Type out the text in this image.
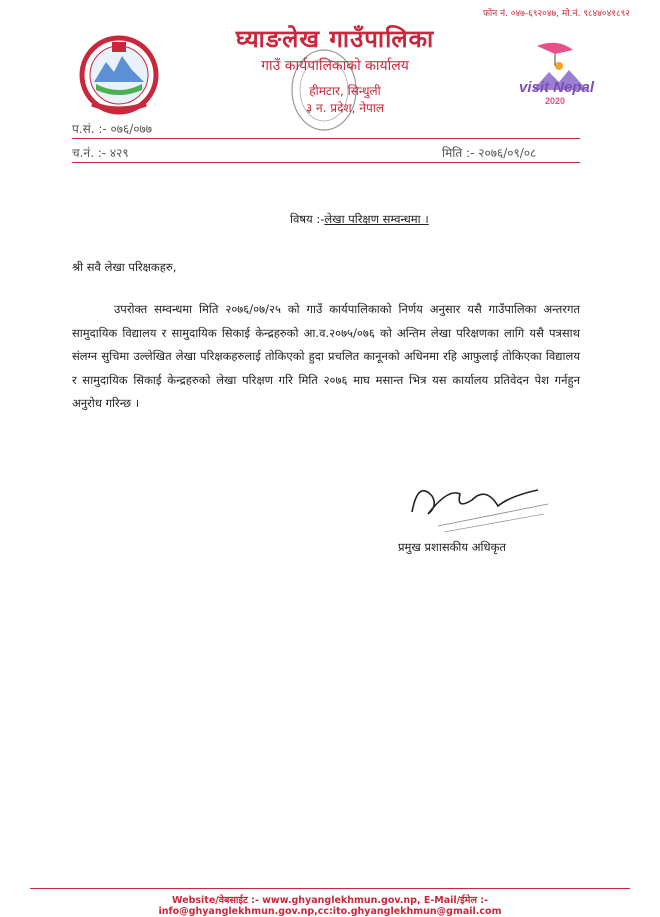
फोन नं. ०४७-६९२०४७, मो.नं. ९८४४०४१८९२
घ्याङलेख गाउँपालिका
गाउँ कार्यपालिकाको कार्यालय
हीमटार, सिन्धुली
३ न. प्रदेश, नेपाल
visit Nepal
2020
प.सं. :- ०७६/०७७
च.नं. :- ४२९	मिति :- २०७६/०९/०८
विषय :-लेखा परिक्षण सम्वन्धमा ।
श्री सवै लेखा परिक्षकहरु,

उपरोक्त सम्वन्धमा मिति २०७६/०७/२५ को गाउँ कार्यपालिकाको निर्णय अनुसार यसै गाउँपालिका अन्तरगत सामुदायिक विद्यालय र सामुदायिक सिकाई केन्द्रहरुको आ.व.२०७५/०७६ को अन्तिम लेखा परिक्षणका लागि यसै पत्रसाथ संलग्न सुचिमा उल्लेखित लेखा परिक्षकहरुलाई तोकिएको हुदा प्रचलित कानूनको अधिनमा रहि आफुलाई तोकिएका विद्यालय र सामुदायिक सिकाई केन्द्रहरुको लेखा परिक्षण गरि मिति २०७६ माघ मसान्त भित्र यस कार्यालय प्रतिवेदन पेश गर्नहुन अनुरोध गरिन्छ ।

प्रमुख प्रशासकीय अधिकृत
Website/वेबसाईट :- www.ghyanglekhmun.gov.np, E-Mail/ईमेल :-info@ghyanglekhmun.gov.np,cc:ito.ghyanglekhmun@gmail.com
